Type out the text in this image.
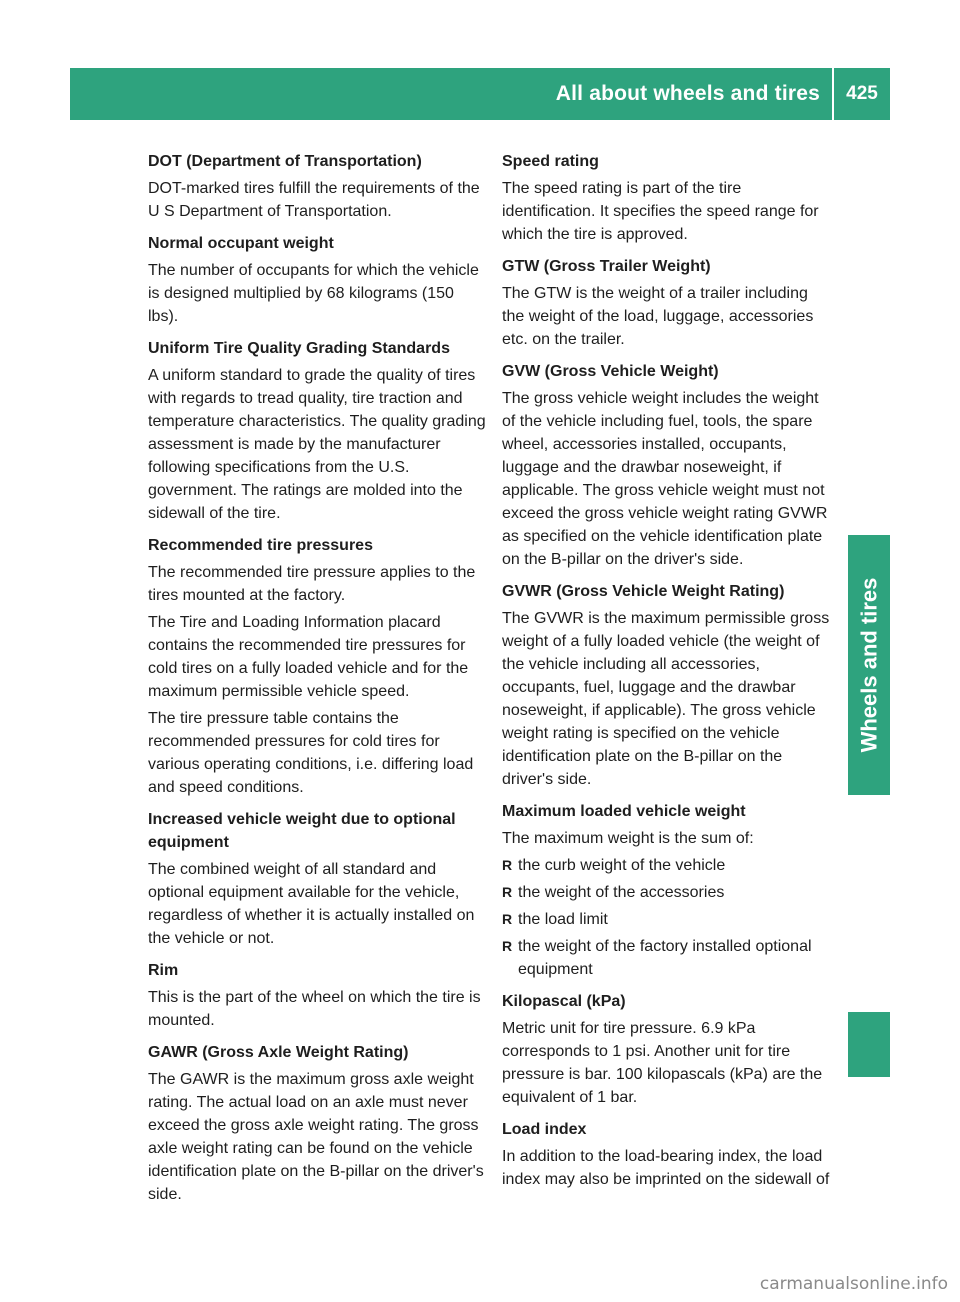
All about wheels and tires	425
Wheels and tires
DOT (Department of Transportation)

DOT-marked tires fulfill the requirements of the U S Department of Transportation.

Normal occupant weight

The number of occupants for which the vehicle is designed multiplied by 68 kilograms (150 lbs).

Uniform Tire Quality Grading Standards

A uniform standard to grade the quality of tires with regards to tread quality, tire traction and temperature characteristics. The quality grading assessment is made by the manufacturer following specifications from the U.S. government. The ratings are molded into the sidewall of the tire.

Recommended tire pressures

The recommended tire pressure applies to the tires mounted at the factory.

The Tire and Loading Information placard contains the recommended tire pressures for cold tires on a fully loaded vehicle and for the maximum permissible vehicle speed.

The tire pressure table contains the recommended pressures for cold tires for various operating conditions, i.e. differing load and speed conditions.

Increased vehicle weight due to optional equipment

The combined weight of all standard and optional equipment available for the vehicle, regardless of whether it is actually installed on the vehicle or not.

Rim

This is the part of the wheel on which the tire is mounted.

GAWR (Gross Axle Weight Rating)

The GAWR is the maximum gross axle weight rating. The actual load on an axle must never exceed the gross axle weight rating. The gross axle weight rating can be found on the vehicle identification plate on the B-pillar on the driver's side.

Speed rating

The speed rating is part of the tire identification. It specifies the speed range for which the tire is approved.

GTW (Gross Trailer Weight)

The GTW is the weight of a trailer including the weight of the load, luggage, accessories etc. on the trailer.

GVW (Gross Vehicle Weight)

The gross vehicle weight includes the weight of the vehicle including fuel, tools, the spare wheel, accessories installed, occupants, luggage and the drawbar noseweight, if applicable. The gross vehicle weight must not exceed the gross vehicle weight rating GVWR as specified on the vehicle identification plate on the B-pillar on the driver's side.

GVWR (Gross Vehicle Weight Rating)

The GVWR is the maximum permissible gross weight of a fully loaded vehicle (the weight of the vehicle including all accessories, occupants, fuel, luggage and the drawbar noseweight, if applicable). The gross vehicle weight rating is specified on the vehicle identification plate on the B-pillar on the driver's side.

Maximum loaded vehicle weight

The maximum weight is the sum of:

R the curb weight of the vehicle
R the weight of the accessories
R the load limit
R the weight of the factory installed optional equipment
Kilopascal (kPa)

Metric unit for tire pressure. 6.9 kPa corresponds to 1 psi. Another unit for tire pressure is bar. 100 kilopascals (kPa) are the equivalent of 1 bar.

Load index

In addition to the load-bearing index, the load index may also be imprinted on the sidewall of

carmanualsonline.info
